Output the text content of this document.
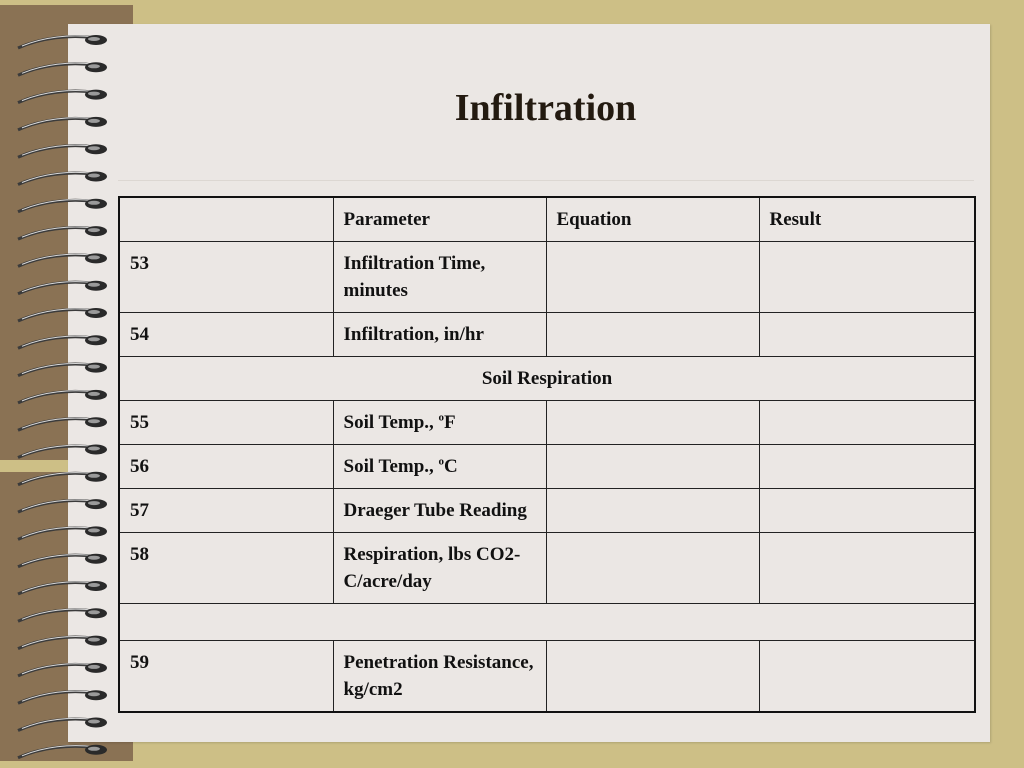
Infiltration
	Parameter	Equation	Result
53	Infiltration Time, minutes		
54	Infiltration, in/hr		
Soil Respiration			
55	Soil Temp., $^o$F		
56	Soil Temp., $^o$C		
57	Draeger Tube Reading		
58	Respiration, lbs CO2-C/acre/day		

59	Penetration Resistance, kg/cm2		
